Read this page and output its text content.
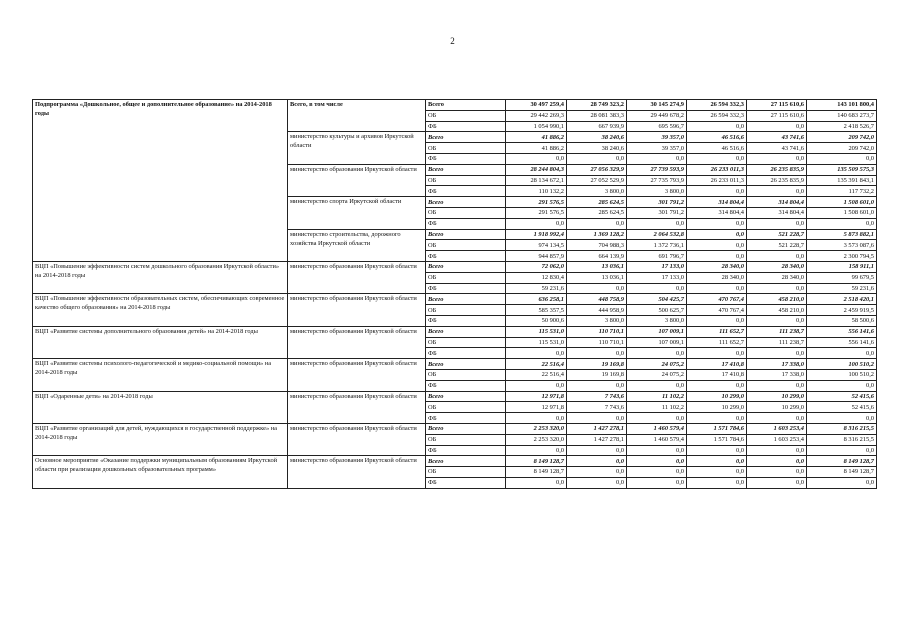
2
Подпрограмма «Дошкольное, общее и дополнительное образование» на 2014-2018 годы	Всего, в том числе	Всего	30 497 259,4	28 749 323,2	30 145 274,9	26 594 332,3	27 115 610,6	143 101 800,4
		ОБ	29 442 269,3	28 081 383,3	29 449 678,2	26 594 332,3	27 115 610,6	140 683 273,7
		ФБ	1 054 990,1	667 939,9	695 596,7	0,0	0,0	2 418 526,7
	министерство культуры и архивов Иркутской области	Всего	41 886,2	38 240,6	39 357,0	46 516,6	43 741,6	209 742,0
		ОБ	41 886,2	38 240,6	39 357,0	46 516,6	43 741,6	209 742,0
		ФБ	0,0	0,0	0,0	0,0	0,0	0,0
	министерство образования Иркутской области	Всего	28 244 804,3	27 056 329,9	27 739 593,9	26 233 011,3	26 235 835,9	135 509 575,3
		ОБ	28 134 672,1	27 052 529,9	27 735 793,9	26 233 011,3	26 235 835,9	135 391 843,1
		ФБ	110 132,2	3 800,0	3 800,0	0,0	0,0	117 732,2
	министерство спорта Иркутской области	Всего	291 576,5	285 624,5	301 791,2	314 804,4	314 804,4	1 508 601,0
		ОБ	291 576,5	285 624,5	301 791,2	314 804,4	314 804,4	1 508 601,0
		ФБ	0,0	0,0	0,0	0,0	0,0	0,0
	министерство строительства, дорожного хозяйства Иркутской области	Всего	1 918 992,4	1 369 128,2	2 064 532,8	0,0	521 228,7	5 873 882,1
		ОБ	974 134,5	704 988,3	1 372 736,1	0,0	521 228,7	3 573 087,6
		ФБ	944 857,9	664 139,9	691 796,7	0,0	0,0	2 300 794,5
ВЦП «Повышение эффективности систем дошкольного образования Иркутской области» на 2014-2018 годы	министерство образования Иркутской области	Всего	72 062,0	13 036,1	17 133,0	28 340,0	28 340,0	158 911,1
		ОБ	12 830,4	13 036,1	17 133,0	28 340,0	28 340,0	99 679,5
		ФБ	59 231,6	0,0	0,0	0,0	0,0	59 231,6
ВЦП «Повышение эффективности образовательных систем, обеспечивающих современное качество общего образования» на 2014-2018 годы	министерство образования Иркутской области	Всего	636 258,1	448 758,9	504 425,7	470 767,4	458 210,0	2 518 420,1
		ОБ	585 357,5	444 958,9	500 625,7	470 767,4	458 210,0	2 459 919,5
		ФБ	50 900,6	3 800,0	3 800,0	0,0	0,0	58 500,6
ВЦП «Развитие системы дополнительного образования детей» на 2014-2018 годы	министерство образования Иркутской области	Всего	115 531,0	110 710,1	107 009,1	111 652,7	111 238,7	556 141,6
		ОБ	115 531,0	110 710,1	107 009,1	111 652,7	111 238,7	556 141,6
		ФБ	0,0	0,0	0,0	0,0	0,0	0,0
ВЦП «Развитие системы психолого-педагогической и медико-социальной помощи» на 2014-2018 годы	министерство образования Иркутской области	Всего	22 516,4	19 169,8	24 075,2	17 410,8	17 338,0	100 510,2
		ОБ	22 516,4	19 169,8	24 075,2	17 410,8	17 338,0	100 510,2
		ФБ	0,0	0,0	0,0	0,0	0,0	0,0
ВЦП «Одаренные дети» на 2014-2018 годы	министерство образования Иркутской области	Всего	12 971,8	7 743,6	11 102,2	10 299,0	10 299,0	52 415,6
		ОБ	12 971,8	7 743,6	11 102,2	10 299,0	10 299,0	52 415,6
		ФБ	0,0	0,0	0,0	0,0	0,0	0,0
ВЦП «Развитие организаций для детей, нуждающихся в государственной поддержке» на 2014-2018 годы	министерство образования Иркутской области	Всего	2 253 320,0	1 427 278,1	1 460 579,4	1 571 784,6	1 603 253,4	8 316 215,5
		ОБ	2 253 320,0	1 427 278,1	1 460 579,4	1 571 784,6	1 603 253,4	8 316 215,5
		ФБ	0,0	0,0	0,0	0,0	0,0	0,0
Основное мероприятие «Оказание поддержки муниципальным образованиям Иркутской области при реализации дошкольных образовательных программ»	министерство образования Иркутской области	Всего	8 149 128,7	0,0	0,0	0,0	0,0	8 149 128,7
		ОБ	8 149 128,7	0,0	0,0	0,0	0,0	8 149 128,7
		ФБ	0,0	0,0	0,0	0,0	0,0	0,0
